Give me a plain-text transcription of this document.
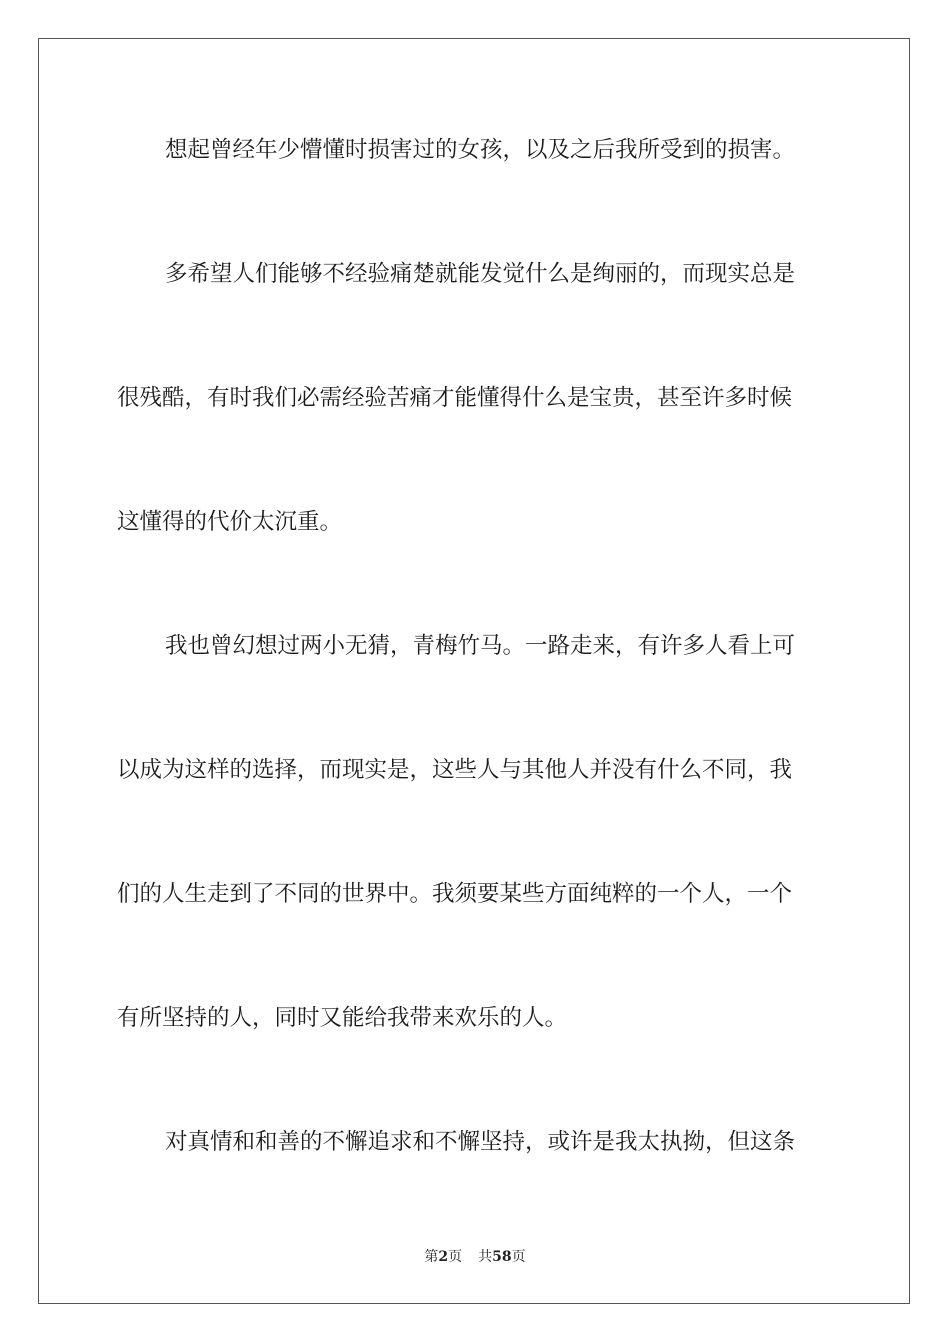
想起曾经年少懵懂时损害过的女孩，以及之后我所受到的损害。
多希望人们能够不经验痛楚就能发觉什么是绚丽的，而现实总是
很残酷，有时我们必需经验苦痛才能懂得什么是宝贵，甚至许多时候
这懂得的代价太沉重。
我也曾幻想过两小无猜，青梅竹马。一路走来，有许多人看上可
以成为这样的选择，而现实是，这些人与其他人并没有什么不同，我
们的人生走到了不同的世界中。我须要某些方面纯粹的一个人，一个
有所坚持的人，同时又能给我带来欢乐的人。
对真情和和善的不懈追求和不懈坚持，或许是我太执拗，但这条
第2页 共58页
